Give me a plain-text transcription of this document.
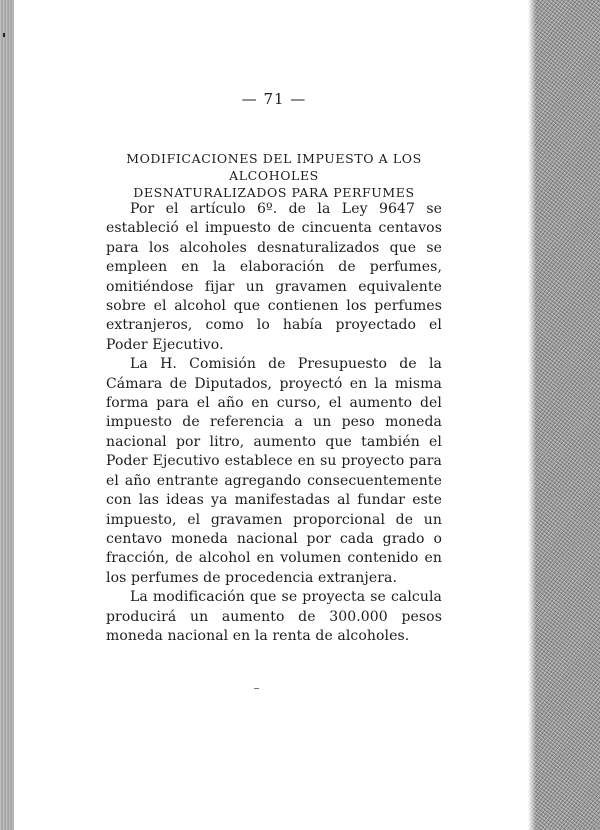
— 71 —
MODIFICACIONES DEL IMPUESTO A LOS ALCOHOLES
DESNATURALIZADOS PARA PERFUMES

Por el artículo 6º. de la Ley 9647 se estableció el impuesto de cincuenta centavos para los alcoholes desnaturalizados que se empleen en la elaboración de perfumes, omitiéndose fijar un gravamen equivalente sobre el alcohol que contienen los perfumes extranjeros, como lo había proyectado el Poder Ejecutivo.

La H. Comisión de Presupuesto de la Cámara de Diputados, proyectó en la misma forma para el año en curso, el aumento del impuesto de referencia a un peso moneda nacional por litro, aumento que también el Poder Ejecutivo establece en su proyecto para el año entrante agregando consecuentemente con las ideas ya manifestadas al fundar este impuesto, el gravamen proporcional de un centavo moneda nacional por cada grado o fracción, de alcohol en volumen contenido en los perfumes de procedencia extranjera.

La modificación que se proyecta se calcula producirá un aumento de 300.000 pesos moneda nacional en la renta de alcoholes.
